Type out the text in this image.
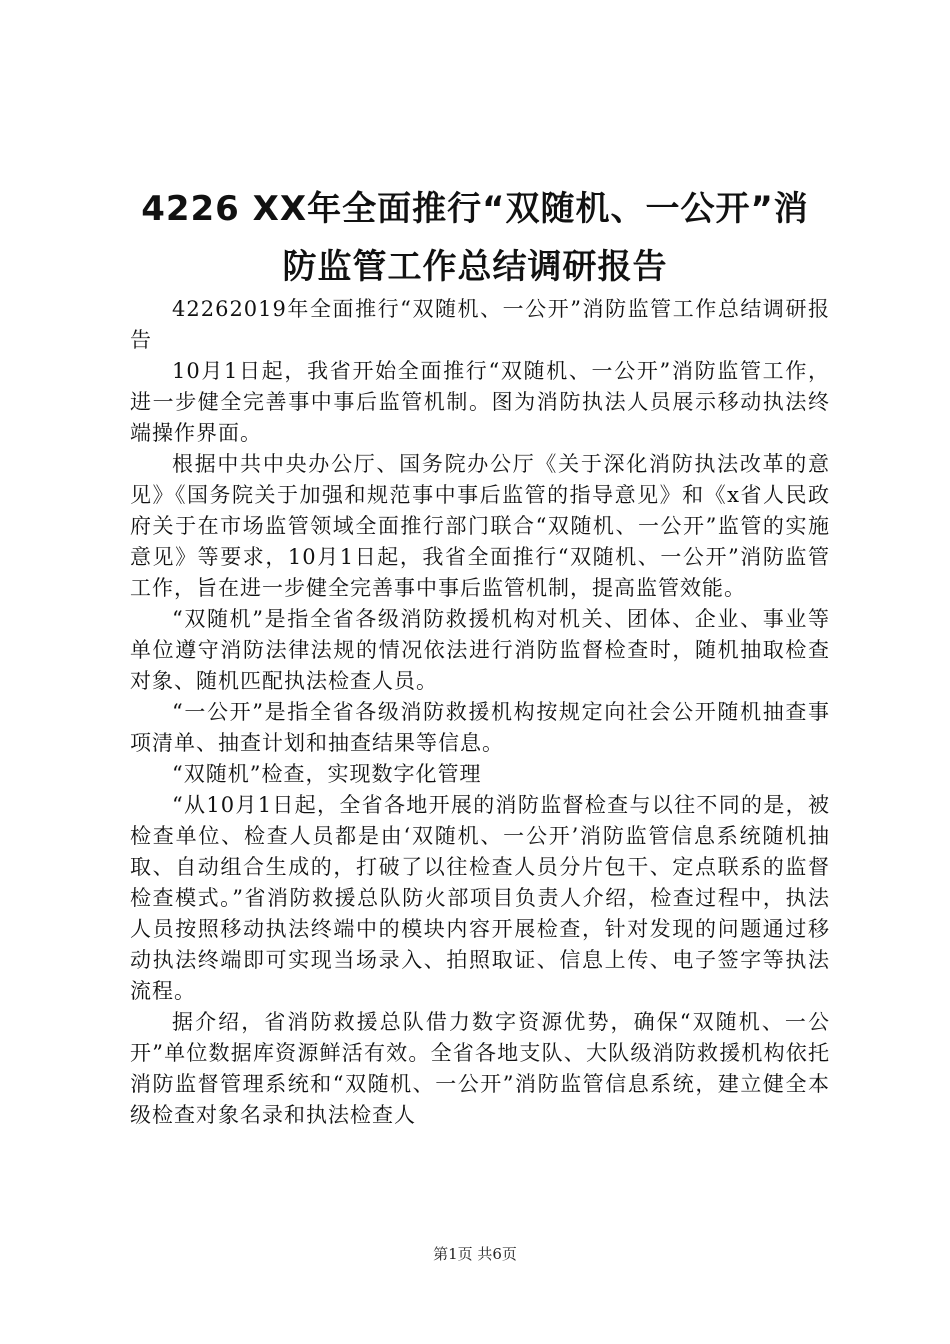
4226 XX年全面推行“双随机、一公开”消
防监管工作总结调研报告

42262019年全面推行“双随机、一公开”消防监管工作总结调研报告

10月1日起，我省开始全面推行“双随机、一公开”消防监管工作，进一步健全完善事中事后监管机制。图为消防执法人员展示移动执法终端操作界面。

根据中共中央办公厅、国务院办公厅《关于深化消防执法改革的意见》《国务院关于加强和规范事中事后监管的指导意见》和《x省人民政府关于在市场监管领域全面推行部门联合“双随机、一公开”监管的实施意见》等要求，10月1日起，我省全面推行“双随机、一公开”消防监管工作，旨在进一步健全完善事中事后监管机制，提高监管效能。

“双随机”是指全省各级消防救援机构对机关、团体、企业、事业等单位遵守消防法律法规的情况依法进行消防监督检查时，随机抽取检查对象、随机匹配执法检查人员。

“一公开”是指全省各级消防救援机构按规定向社会公开随机抽查事项清单、抽查计划和抽查结果等信息。

“双随机”检查，实现数字化管理

“从10月1日起，全省各地开展的消防监督检查与以往不同的是，被检查单位、检查人员都是由‘双随机、一公开’消防监管信息系统随机抽取、自动组合生成的，打破了以往检查人员分片包干、定点联系的监督检查模式。”省消防救援总队防火部项目负责人介绍，检查过程中，执法人员按照移动执法终端中的模块内容开展检查，针对发现的问题通过移动执法终端即可实现当场录入、拍照取证、信息上传、电子签字等执法流程。

据介绍，省消防救援总队借力数字资源优势，确保“双随机、一公开”单位数据库资源鲜活有效。全省各地支队、大队级消防救援机构依托消防监督管理系统和“双随机、一公开”消防监管信息系统，建立健全本级检查对象名录和执法检查人

第1页 共6页
